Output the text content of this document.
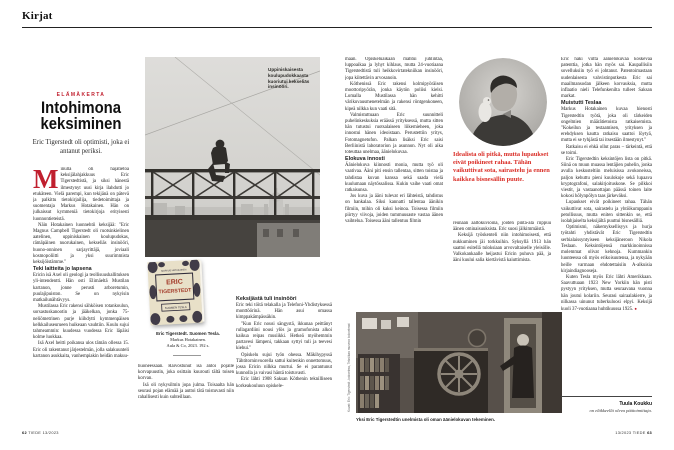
Kirjat
ELÄMÄKERTA
Intohimona
keksiminen
Eric Tigerstedt oli optimisti, joka ei antanut periksi.

Minulla oli hajatietoa keksijälahjakkuus Eric Tigerstedtistä, ja siksi hänestä ilmestynyt uusi kirja ilahdutti jo etukäteen. Vielä parempi, kun tekijänä on pätevä ja palkittu tietokirjailija, tiedetoimittaja ja suomentaja Markus Hotakainen. Hän on julkaissut kymmeniä tietokirjoja erityisesti luonnontieteistä.

Näin Hotakainen luonnehtii keksijää: "Eric Magnus Campbell Tigerstedt oli ruotsinkielinen aatelinen, uppiniskainen koulupudokas, rämäpäinen nuorukainen, kekseliäs insinööri, huono-onninen sarjayrittäjä, joviaali kosmopoliitti ja yksi suurimmista keksijöistämme."

Teki laitteita jo lapsena

Ericin isä Axel oli geologi ja teollisuushallituksen yli-intendentti. Hän osti Elimäeltä Mustilan kartanon, jonne perusti arboretumin, puulajipuiston. Se on nykyisin matkailunähtävyys.

Mustilassa Eric rakensi sähköisen rotankoulun, sorsastuskanootin ja jääkelkan, jonka 75-neliömetrinen purje kiihdytti kymmenpäisen kelkkailuseurueen huikeaan vauhtiin. Koulu sujui tahmeammin: kuudessa vuodessa Eric läpäisi kolme luokkaa.

Isä Axel heitti poikansa ulos tämän ollessa 15. Eric oli rakentanut järjestelmän, jolla salakuunteli kartanon asukkaita, vanhempiakin heidän makuu-

Uppiniskaisesta koulupudokkaasta kuoriutui kekseliäs insinööri.
MARKUS HOTAKAINEN
ERIC
TIGERSTEDT
SUOMEN TESLA
Eric Tigerstedt. Suomen Tesla.
Markus Hotakainen.
Aula & Co, 2023. 192 s.

huoneessaan. Raivostunut isä antoi pojalle korvapuustin, joka osittain kuurouti tältä toisen korvan.

Isä oli nykysilmin jopa julma. Toisaalta hän seurasi pojan elämää ja auttoi tätä toistuvasti niin rahallisesti kuin suhteillaan.

Keksijästä tuli insinööri

Eric teki töitä telakalla ja Telefoni-Yhdistyksessä monttöörinä. Hän asui omassa kimppakämpässäkin.

"Kun Eric nousi sängystä, ikkunaa peittänyt rullagardiini nousi ylös ja gramofonista alkoi kaikua reipas musiikki. Hetkeä myöhemmin partavesi lämpeni, takkaan syttyi tuli ja teevesi kiehui."

Opiskelu sujui työn ohessa. Mäkihypyssä Tähtitorninvuorella sattui kuitenkin onnettomuus, jossa Ericin nilkka murtui. Se ei parantunut kunnolla ja vaivasi häntä toistuvasti.

Eric lähti 1908 Saksan Köthenin teknilliseen korkeakouluun opiskele-

maan. Opiskeluaikaan mahtui juhlintaa, luppoaikaa ja lyhyt kihlaus, mutta 24-vuotiaana Tigerstedtistä tuli heikkovirtatekniikan insinööri, jopa kiitettävin arvosanoin.

Köthenissä Eric rakensi kolmipyöräisen moottoripyörän, jonka käytön poliisi kielsi. Lomalla Mustilassa hän kehitti värikuvausmenetelmän ja rakensi röntgenkoneen, kipeä nilkka kun vaati sitä.

Valmistuttuaan Eric suunnitteli puhelinkeskuksia eräässä yrityksessä, mutta sitten hän tutustui ruotsalaiseen liikemieheen, joka innostui hänen ideoistaan. Perustettiin yritys, Fotomagnetofon. Palkan lisäksi Eric saisi Berliinistä laboratorion ja asunnon. Nyt oli aika toteuttaa unelmaa, äänielokuvaa.

Elokuva innosti

Äänielokuva kiinnosti monia, mutta työ oli vaativaa. Ääni piti ensin tallentaa, sitten toistaa ja tahdistaa kuvan kanssa sekä saada vielä kuulumaan näytössalissa. Kukin vaihe vaati omat ratkaisunsa.

Jos kuva ja ääni tulevat eri lähteistä, tahdistus on hankalaa. Siksi kannatti tallentaa äänikin filmiin, mihin oli kaksi keinoa. Toisessa filmiin piirtyy viivoja, joiden tummuusaste vastaa äänen vaihtelua. Toisessa ääni tallentuu filmin

Idealista oli pitkä, mutta lupaukset eivät poikineet rahaa. Tähän vaikuttivat sota, sairastelu ja ennen kaikkea bisnesällin puute.

reunaan aaltokuvioina, joiden pinta-ala riippuu äänen ominaisuuksista. Eric suosi jälkimmäistä.

Keksijä työskenteli niin intohimoisesti, että nukkuminen jäi torkkuihin. Syksyllä 1913 hän saattoi esitellä tuloksiaan arvovaltaiselle yleisölle. Valkokankaalle heijastui Ericin puhuva pää, ja ääni kuului salia kiertävistä kaiuttimista.

Kuvat: Eric Tigerstedt -kokoelma, Tekniikan museon kokoelmat
Yksi Eric Tigerstedtin unelmista oli oman äänielokuvan tekeminen.

Eric haki viittä äänielokuvaa koskevaa patenttia, jotka hän myös sai. Kaupallisiin sovelluksiin työ ei johtanut. Patentoimastaan uudenlaisesta vahvistinputkesta Eric sai maailmansodan jälkeen korvauksia, mutta inflaatio nieli Telefunkenilta tulleet Saksan markat.

Muistutti Teslaa

Markus Hotakainen kuvaa hienosti Tigerstedtin työtä, joka oli tärkeiden ongelmien määrätietoista ratkaisemista. "Kokeilun ja testaamisen, yrityksen ja erehdyksen kautta ratkaisu saattoi löytyä, mutta ei se tyhjästä tai itsestään ilmestynyt."

Ratkaisu ei ehkä ollut paras – tärkeintä, että se toimi.

Eric Tigerstedtin keksintöjen lista on pitkä. Siinä on muun muassa lentäjien puhelin, jonka avulla keskusteltiin meluisissa avokoneissa, paljon kehuttu pieni kuulokoje sekä lupaava kryptografoni, salakirjoituskone. Se pilkkoi viestit, ja vastaanottajan päässä toinen laite kokosi hölynpölyn taas järkeväksi.

Lupaukset eivät poikineet rahaa. Tähän vaikuttivat sota, sairastelu ja yhtiökumppanin petollisuus, mutta eniten sittenkin se, että isolahjaiselta keksijältä puuttui bisnesälliä.

Optimismi, näkemyksellisyys ja hurja työtahti yhdistävät Eric Tigerstedtin serbialaissyntyiseen keksijäneroon Nikola Teslaan. Keksintöjensä markkinoinnissa molemmat olivat kehnoja. Kummankin luonteessa oli myös erikoisuutensa, ja nykyään heille varmaan ehdotettaisiin A-alkuisia kirjaindiagnooseja.

Kuten Tesla myös Eric lähti Amerikkaan. Saavuttuaan 1923 New Yorkiin hän pisti pystyyn yrityksen, mutta seuraavana vuonna hän joutui kolariin. Seurasi sairaalakierre, ja nilkassa uinunut tuberkuloosi elpyi. Keksijä kuoli 37-vuotiaana huhtikuussa 1925. ●

Tuula Koukku
on eläkkeellä oleva päätoimittaja.
62 TIEDE 13/2023	13/2023 TIEDE 63
